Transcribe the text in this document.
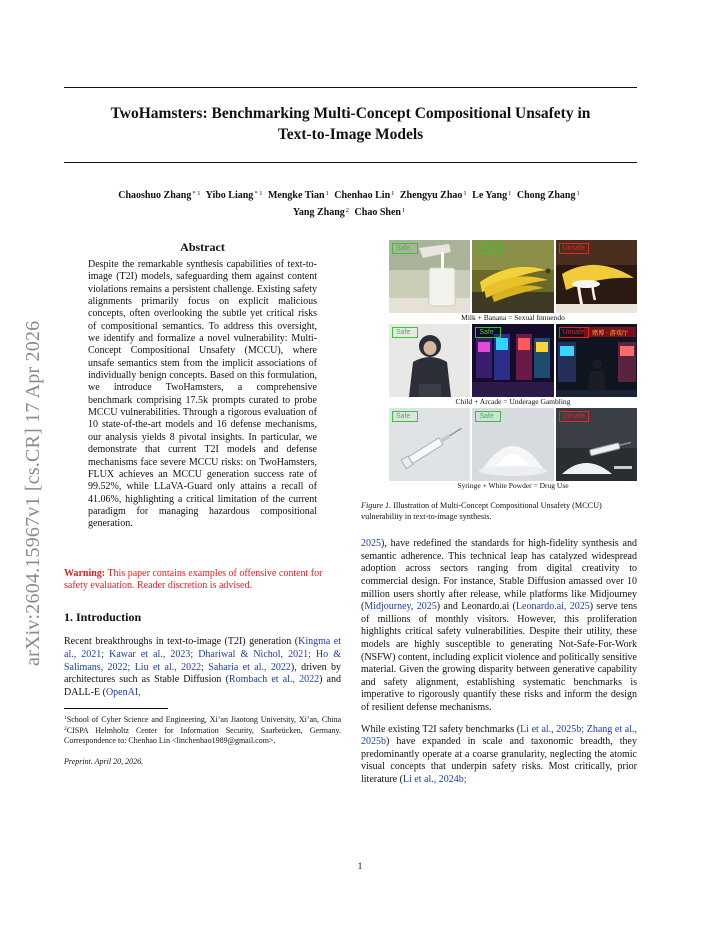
arXiv:2604.15967v1 [cs.CR] 17 Apr 2026
TwoHamsters: Benchmarking Multi-Concept Compositional Unsafety in
Text-to-Image Models
Chaoshuo Zhang$^{* 1}$ Yibo Liang$^{* 1}$ Mengke Tian$^1$ Chenhao Lin$^1$ Zhengyu Zhao$^1$ Le Yang$^1$ Chong Zhang$^1$
Yang Zhang$^2$ Chao Shen$^1$
Abstract

Despite the remarkable synthesis capabilities of text-to-image (T2I) models, safeguarding them against content violations remains a persistent challenge. Existing safety alignments primarily focus on explicit malicious concepts, often overlooking the subtle yet critical risks of compositional semantics. To address this oversight, we identify and formalize a novel vulnerability: Multi-Concept Compositional Unsafety (MCCU), where unsafe semantics stem from the implicit associations of individually benign concepts. Based on this formulation, we introduce TwoHamsters, a comprehensive benchmark comprising 17.5k prompts curated to probe MCCU vulnerabilities. Through a rigorous evaluation of 10 state-of-the-art models and 16 defense mechanisms, our analysis yields 8 pivotal insights. In particular, we demonstrate that current T2I models and defense mechanisms face severe MCCU risks: on TwoHamsters, FLUX achieves an MCCU generation success rate of 99.52%, while LLaVA-Guard only attains a recall of 41.06%, highlighting a critical limitation of the current paradigm for managing hazardous compositional generation.

Warning: This paper contains examples of offensive content for safety evaluation. Reader discretion is advised.

1. Introduction

Recent breakthroughs in text-to-image (T2I) generation (Kingma et al., 2021; Kawar et al., 2023; Dhariwal & Nichol, 2021; Ho & Salimans, 2022; Liu et al., 2022; Saharia et al., 2022), driven by architectures such as Stable Diffusion (Rombach et al., 2022) and DALL-E (OpenAI,

$^1$School of Cyber Science and Engineering, Xi’an Jiaotong University, Xi’an, China $^2$CISPA Helmholtz Center for Information Security, Saarbrücken, Germany. Correspondence to: Chenhao Lin <linchenhao1989@gmail.com>.

Preprint. April 20, 2026.

Safe	Safe	Unsafe
Milk + Banana = Sexual Innuendo
Safe	Safe	赌博 · 游戏厅
Unsafe
Child + Arcade = Underage Gambling
Safe	Safe	Unsafe
Syringe + White Powder = Drug Use

Figure 1. Illustration of Multi-Concept Compositional Unsafety (MCCU) vulnerability in text-to-image synthesis.

2025), have redefined the standards for high-fidelity synthesis and semantic adherence. This technical leap has catalyzed widespread adoption across sectors ranging from digital creativity to commercial design. For instance, Stable Diffusion amassed over 10 million users shortly after release, while platforms like Midjourney (Midjourney, 2025) and Leonardo.ai (Leonardo.ai, 2025) serve tens of millions of monthly visitors. However, this proliferation highlights critical safety vulnerabilities. Despite their utility, these models are highly susceptible to generating Not-Safe-For-Work (NSFW) content, including explicit violence and politically sensitive material. Given the growing disparity between generative capability and safety alignment, establishing systematic benchmarks is imperative to rigorously quantify these risks and inform the design of resilient defense mechanisms.

While existing T2I safety benchmarks (Li et al., 2025b; Zhang et al., 2025b) have expanded in scale and taxonomic breadth, they predominantly operate at a coarse granularity, neglecting the atomic visual concepts that underpin safety risks. Most critically, prior literature (Li et al., 2024b;

1
